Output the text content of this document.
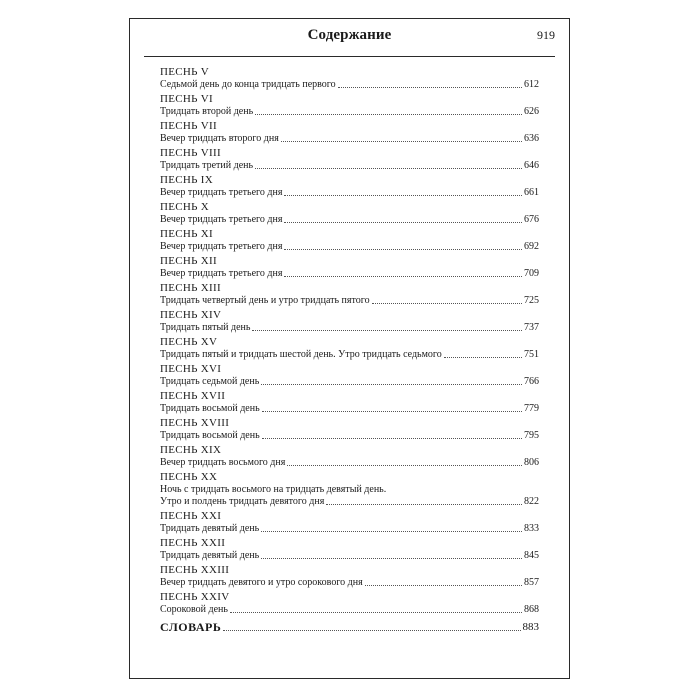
Содержание	919
ПЕСНЬ V
Седьмой день до конца тридцать первого	612
ПЕСНЬ VI
Тридцать второй день	626
ПЕСНЬ VII
Вечер тридцать второго дня	636
ПЕСНЬ VIII
Тридцать третий день	646
ПЕСНЬ IX
Вечер тридцать третьего дня	661
ПЕСНЬ X
Вечер тридцать третьего дня	676
ПЕСНЬ XI
Вечер тридцать третьего дня	692
ПЕСНЬ XII
Вечер тридцать третьего дня	709
ПЕСНЬ XIII
Тридцать четвертый день и утро тридцать пятого	725
ПЕСНЬ XIV
Тридцать пятый день	737
ПЕСНЬ XV
Тридцать пятый и тридцать шестой день. Утро тридцать седьмого	751
ПЕСНЬ XVI
Тридцать седьмой день	766
ПЕСНЬ XVII
Тридцать восьмой день	779
ПЕСНЬ XVIII
Тридцать восьмой день	795
ПЕСНЬ XIX
Вечер тридцать восьмого дня	806
ПЕСНЬ XX
Ночь с тридцать восьмого на тридцать девятый день.
Утро и полдень тридцать девятого дня	822
ПЕСНЬ XXI
Тридцать девятый день	833
ПЕСНЬ XXII
Тридцать девятый день	845
ПЕСНЬ XXIII
Вечер тридцать девятого и утро сорокового дня	857
ПЕСНЬ XXIV
Сороковой день	868
СЛОВАРЬ	883
